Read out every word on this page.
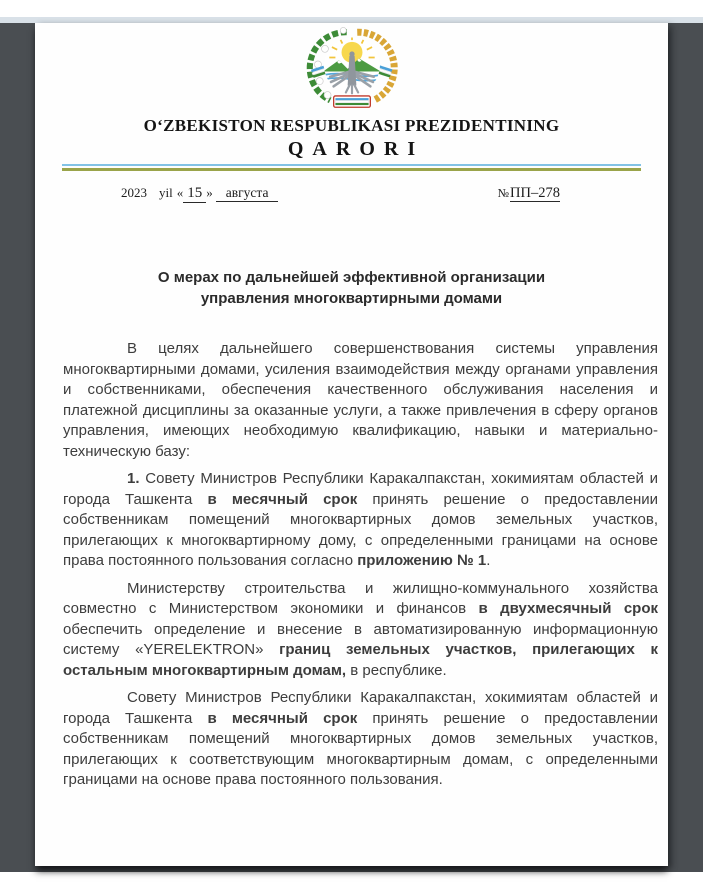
O‘ZBEKISTON RESPUBLIKASI PREZIDENTINING
QARORI
2023 yil « 15 » августа	№ПП–278
О мерах по дальнейшей эффективной организации
управления многоквартирными домами

В целях дальнейшего совершенствования системы управления многоквартирными домами, усиления взаимодействия между органами управления и собственниками, обеспечения качественного обслуживания населения и платежной дисциплины за оказанные услуги, а также привлечения в сферу органов управления, имеющих необходимую квалификацию, навыки и материально-техническую базу:

1. Совету Министров Республики Каракалпакстан, хокимиятам областей и города Ташкента в месячный срок принять решение о предоставлении собственникам помещений многоквартирных домов земельных участков, прилегающих к многоквартирному дому, с определенными границами на основе права постоянного пользования согласно приложению № 1.

Министерству строительства и жилищно-коммунального хозяйства совместно с Министерством экономики и финансов в двухмесячный срок обеспечить определение и внесение в автоматизированную информационную систему «YERELEKTRON» границ земельных участков, прилегающих к остальным многоквартирным домам, в республике.

Совету Министров Республики Каракалпакстан, хокимиятам областей и города Ташкента в месячный срок принять решение о предоставлении собственникам помещений многоквартирных домов земельных участков, прилегающих к соответствующим многоквартирным домам, с определенными границами на основе права постоянного пользования.
